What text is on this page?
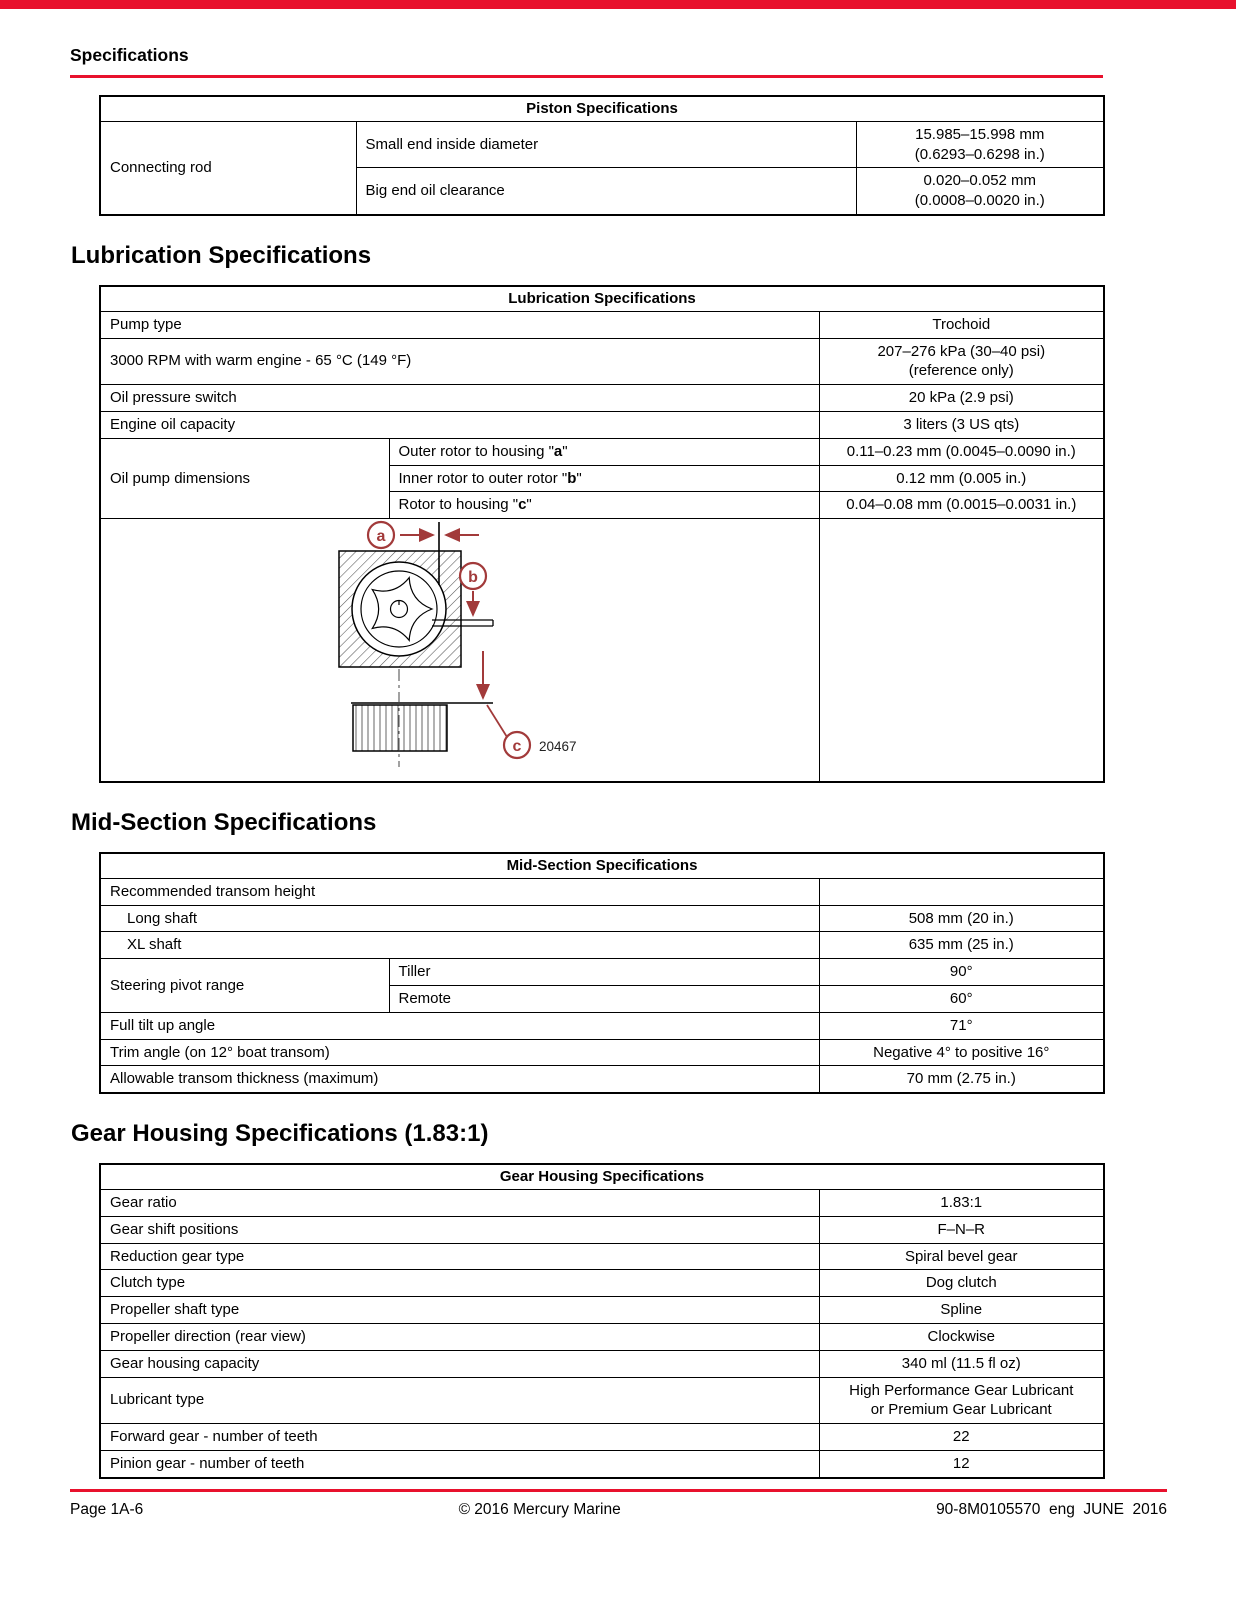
Specifications
Piston Specifications		
Connecting rod	Small end inside diameter	15.985–15.998 mm
(0.6293–0.6298 in.)

	Big end oil clearance	0.020–0.052 mm
(0.0008–0.0020 in.)
Lubrication Specifications
Lubrication Specifications		
Pump type		Trochoid
3000 RPM with warm engine - 65 °C (149 °F)		207–276 kPa (30–40 psi)
(reference only)

Oil pressure switch		20 kPa (2.9 psi)
Engine oil capacity		3 liters (3 US qts)
Oil pump dimensions	Outer rotor to housing "a"	0.11–0.23 mm (0.0045–0.0090 in.)
	Inner rotor to outer rotor "b"	0.12 mm (0.005 in.)
	Rotor to housing "c"	0.04–0.08 mm (0.0015–0.0031 in.)

a
b
c 20467		

Mid-Section Specifications
Mid-Section Specifications		
Recommended transom height		
Long shaft		508 mm (20 in.)
XL shaft		635 mm (25 in.)
Steering pivot range	Tiller	90°
	Remote	60°
Full tilt up angle		71°
Trim angle (on 12° boat transom)		Negative 4° to positive 16°
Allowable transom thickness (maximum)		70 mm (2.75 in.)
Gear Housing Specifications (1.83:1)
Gear Housing Specifications	
Gear ratio	1.83:1
Gear shift positions	F–N–R
Reduction gear type	Spiral bevel gear
Clutch type	Dog clutch
Propeller shaft type	Spline
Propeller direction (rear view)	Clockwise
Gear housing capacity	340 ml (11.5 fl oz)
Lubricant type	High Performance Gear Lubricant
or Premium Gear Lubricant

Forward gear - number of teeth	22
Pinion gear - number of teeth	12
Page 1A-6	© 2016 Mercury Marine	90-8M0105570  eng  JUNE  2016
